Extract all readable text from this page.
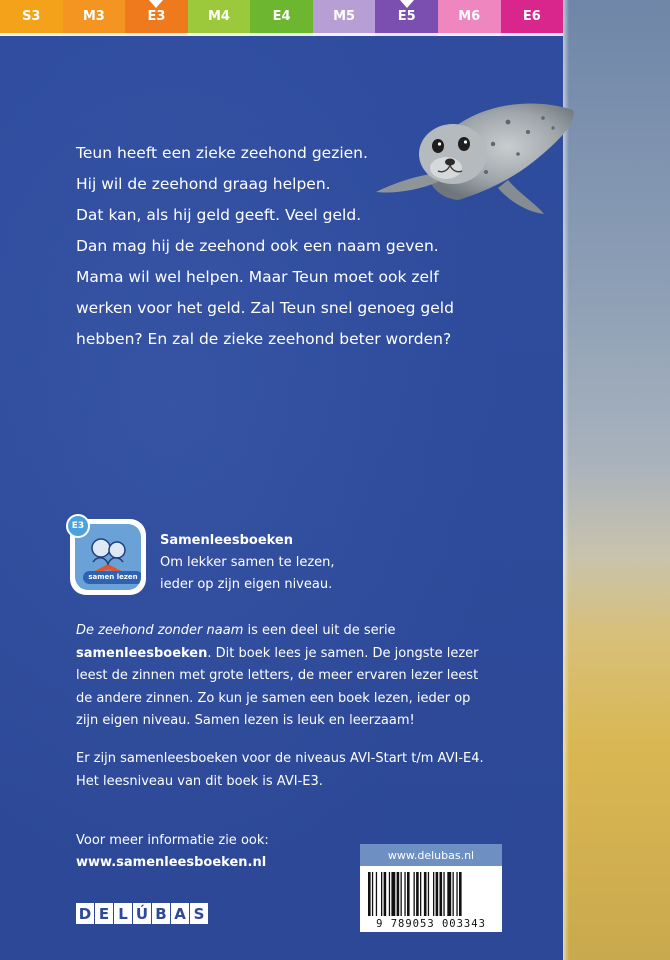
S3	M3	E3	M4	E4	M5	E5	M6	E6
Teun heeft een zieke zeehond gezien.
Hij wil de zeehond graag helpen.
Dat kan, als hij geld geeft. Veel geld.
Dan mag hij de zeehond ook een naam geven.
Mama wil wel helpen. Maar Teun moet ook zelf
werken voor het geld. Zal Teun snel genoeg geld
hebben? En zal de zieke zeehond beter worden?
E3
samen lezen
Samenleesboeken
Om lekker samen te lezen,
ieder op zijn eigen niveau.
De zeehond zonder naam is een deel uit de serie
samenleesboeken. Dit boek lees je samen. De jongste lezer
leest de zinnen met grote letters, de meer ervaren lezer leest
de andere zinnen. Zo kun je samen een boek lezen, ieder op
zijn eigen niveau. Samen lezen is leuk en leerzaam!
Er zijn samenleesboeken voor de niveaus AVI-Start t/m AVI-E4.
Het leesniveau van dit boek is AVI-E3.
Voor meer informatie zie ook:
www.samenleesboeken.nl
D E L Ú B A S
www.delubas.nl
9 789053 003343
